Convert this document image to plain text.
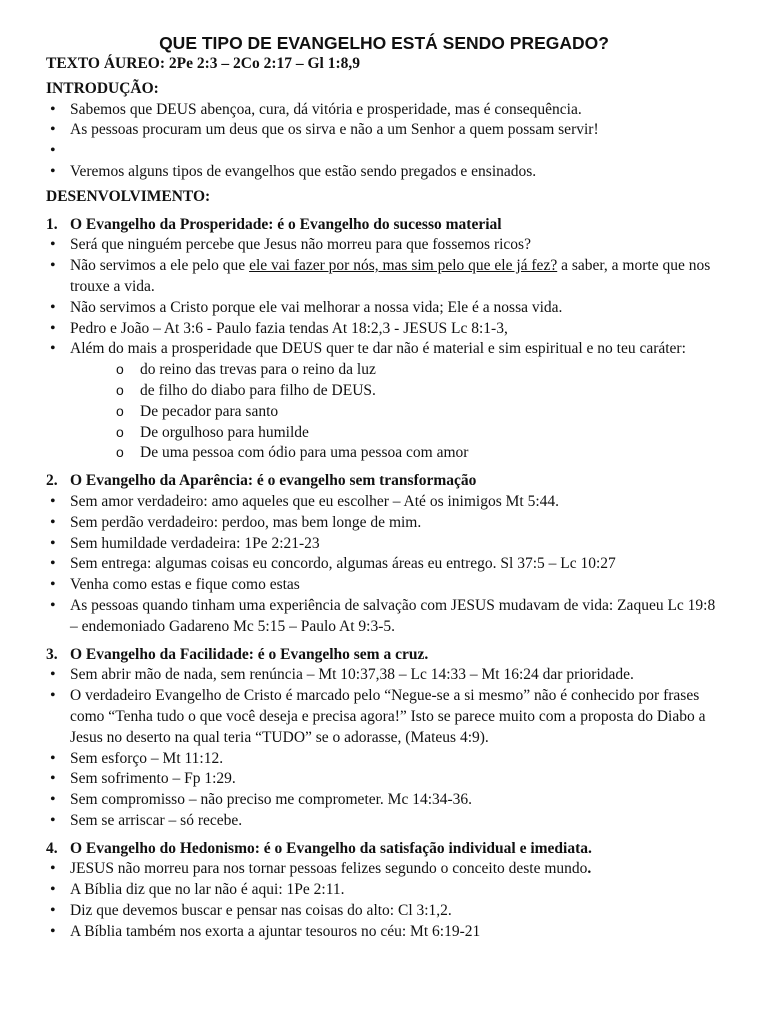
QUE TIPO DE EVANGELHO ESTÁ SENDO PREGADO?
TEXTO ÁUREO: 2Pe 2:3 – 2Co 2:17 – Gl 1:8,9
INTRODUÇÃO:
• Sabemos que DEUS abençoa, cura, dá vitória e prosperidade, mas é consequência.
• As pessoas procuram um deus que os sirva e não a um Senhor a quem possam servir!
•
• Veremos alguns tipos de evangelhos que estão sendo pregados e ensinados.
DESENVOLVIMENTO:
1. O Evangelho da Prosperidade: é o Evangelho do sucesso material
• Será que ninguém percebe que Jesus não morreu para que fossemos ricos?
• Não servimos a ele pelo que ele vai fazer por nós, mas sim pelo que ele já fez? a saber, a morte que nos trouxe a vida.
• Não servimos a Cristo porque ele vai melhorar a nossa vida; Ele é a nossa vida.
• Pedro e João – At 3:6 - Paulo fazia tendas At 18:2,3 - JESUS Lc 8:1-3,
• Além do mais a prosperidade que DEUS quer te dar não é material e sim espiritual e no teu caráter:
o do reino das trevas para o reino da luz
o de filho do diabo para filho de DEUS.
o De pecador para santo
o De orgulhoso para humilde
o De uma pessoa com ódio para uma pessoa com amor
2. O Evangelho da Aparência: é o evangelho sem transformação
• Sem amor verdadeiro: amo aqueles que eu escolher – Até os inimigos Mt 5:44.
• Sem perdão verdadeiro: perdoo, mas bem longe de mim.
• Sem humildade verdadeira: 1Pe 2:21-23
• Sem entrega: algumas coisas eu concordo, algumas áreas eu entrego. Sl 37:5 – Lc 10:27
• Venha como estas e fique como estas
• As pessoas quando tinham uma experiência de salvação com JESUS mudavam de vida: Zaqueu Lc 19:8 – endemoniado Gadareno Mc 5:15 – Paulo At 9:3-5.
3. O Evangelho da Facilidade: é o Evangelho sem a cruz.
• Sem abrir mão de nada, sem renúncia – Mt 10:37,38 – Lc 14:33 – Mt 16:24 dar prioridade.
• O verdadeiro Evangelho de Cristo é marcado pelo “Negue-se a si mesmo” não é conhecido por frases como “Tenha tudo o que você deseja e precisa agora!” Isto se parece muito com a proposta do Diabo a Jesus no deserto na qual teria “TUDO” se o adorasse, (Mateus 4:9).
• Sem esforço – Mt 11:12.
• Sem sofrimento – Fp 1:29.
• Sem compromisso – não preciso me comprometer. Mc 14:34-36.
• Sem se arriscar – só recebe.
4. O Evangelho do Hedonismo: é o Evangelho da satisfação individual e imediata.
• JESUS não morreu para nos tornar pessoas felizes segundo o conceito deste mundo.
• A Bíblia diz que no lar não é aqui: 1Pe 2:11.
• Diz que devemos buscar e pensar nas coisas do alto: Cl 3:1,2.
• A Bíblia também nos exorta a ajuntar tesouros no céu: Mt 6:19-21
